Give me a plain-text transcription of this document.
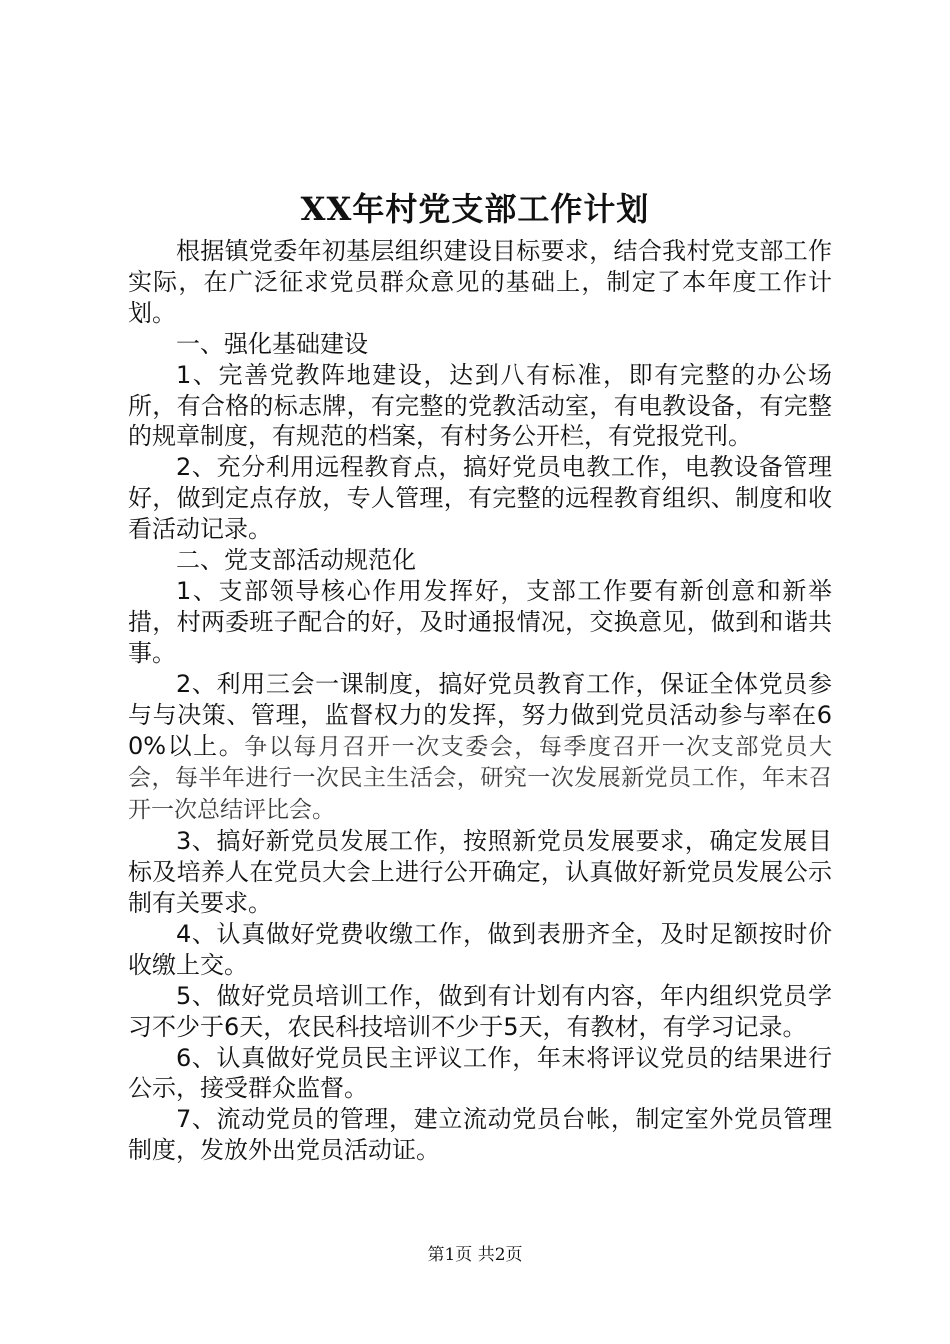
XX年村党支部工作计划

根据镇党委年初基层组织建设目标要求，结合我村党支部工作实际，在广泛征求党员群众意见的基础上，制定了本年度工作计划。

一、强化基础建设

1、完善党教阵地建设，达到八有标准，即有完整的办公场所，有合格的标志牌，有完整的党教活动室，有电教设备，有完整的规章制度，有规范的档案，有村务公开栏，有党报党刊。

2、充分利用远程教育点，搞好党员电教工作，电教设备管理好，做到定点存放，专人管理，有完整的远程教育组织、制度和收看活动记录。

二、党支部活动规范化

1、支部领导核心作用发挥好，支部工作要有新创意和新举措，村两委班子配合的好，及时通报情况，交换意见，做到和谐共事。

2、利用三会一课制度，搞好党员教育工作，保证全体党员参与与决策、管理，监督权力的发挥，努力做到党员活动参与率在60%以上。争以每月召开一次支委会，每季度召开一次支部党员大会，每半年进行一次民主生活会，研究一次发展新党员工作，年末召开一次总结评比会。

3、搞好新党员发展工作，按照新党员发展要求，确定发展目标及培养人在党员大会上进行公开确定，认真做好新党员发展公示制有关要求。

4、认真做好党费收缴工作，做到表册齐全，及时足额按时价收缴上交。

5、做好党员培训工作，做到有计划有内容，年内组织党员学习不少于6天，农民科技培训不少于5天，有教材，有学习记录。

6、认真做好党员民主评议工作，年末将评议党员的结果进行公示，接受群众监督。

7、流动党员的管理，建立流动党员台帐，制定室外党员管理制度，发放外出党员活动证。

第1页 共2页
